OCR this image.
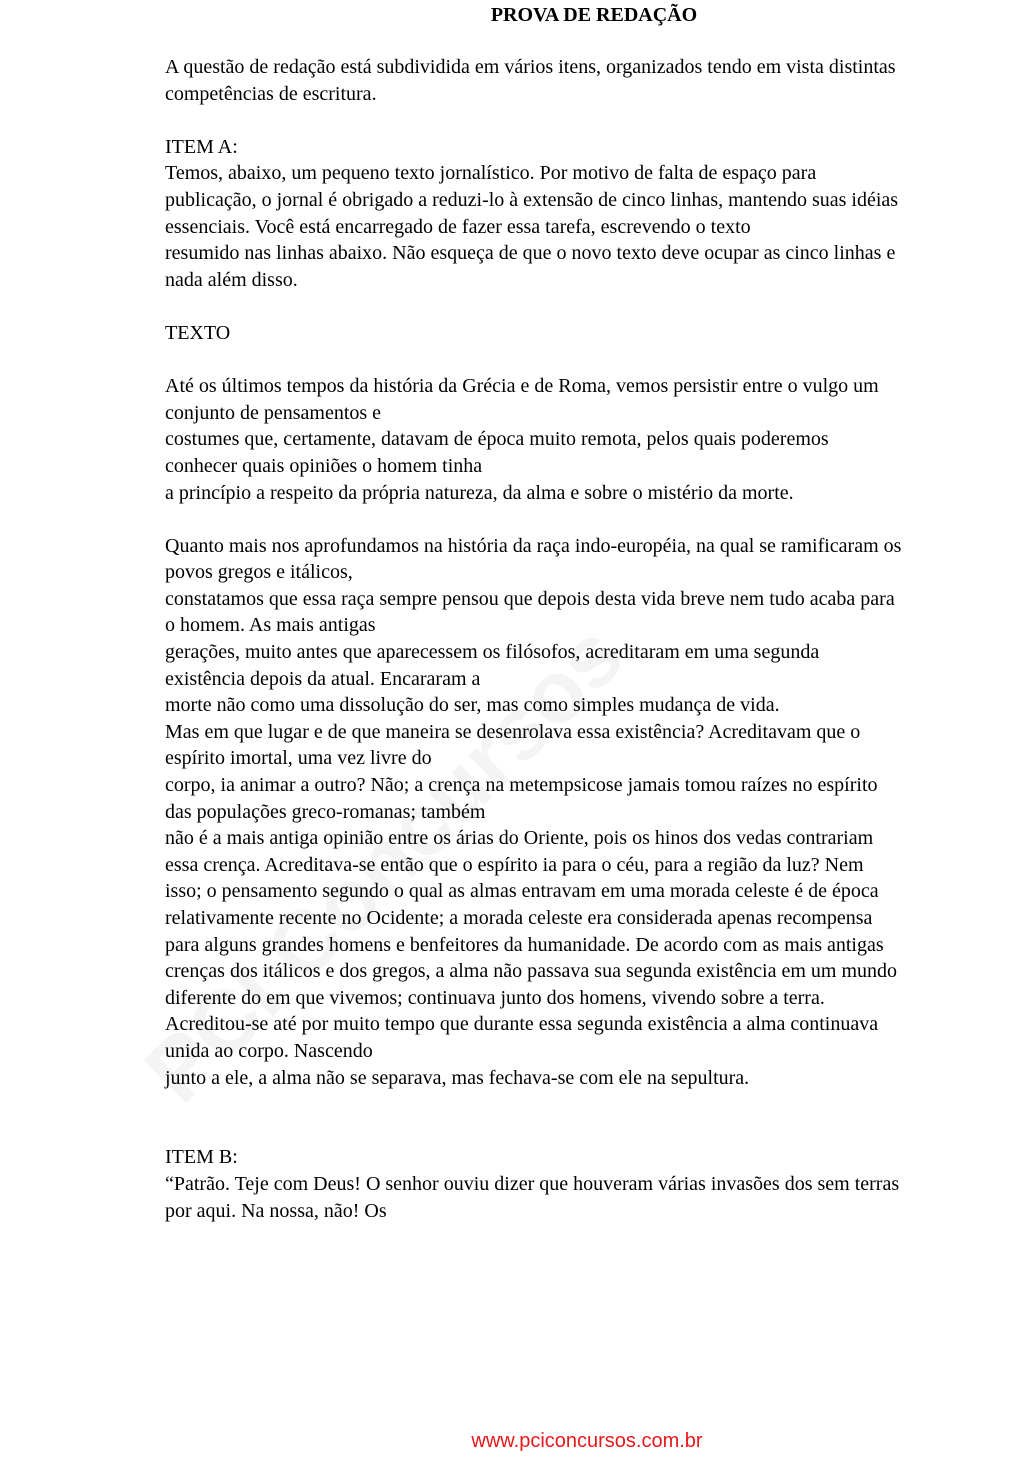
PROVA DE REDAÇÃO

A questão de redação está subdividida em vários itens, organizados tendo em vista distintas

competências de escritura.

ITEM A:

Temos, abaixo, um pequeno texto jornalístico. Por motivo de falta de espaço para

publicação, o jornal é obrigado a reduzi-lo à extensão de cinco linhas, mantendo suas idéias

essenciais. Você está encarregado de fazer essa tarefa, escrevendo o texto

resumido nas linhas abaixo. Não esqueça de que o novo texto deve ocupar as cinco linhas e

nada além disso.

TEXTO

Até os últimos tempos da história da Grécia e de Roma, vemos persistir entre o vulgo um

conjunto de pensamentos e

costumes que, certamente, datavam de época muito remota, pelos quais poderemos

conhecer quais opiniões o homem tinha

a princípio a respeito da própria natureza, da alma e sobre o mistério da morte.

Quanto mais nos aprofundamos na história da raça indo-européia, na qual se ramificaram os

povos gregos e itálicos,

constatamos que essa raça sempre pensou que depois desta vida breve nem tudo acaba para

o homem. As mais antigas

gerações, muito antes que aparecessem os filósofos, acreditaram em uma segunda

existência depois da atual. Encararam a

morte não como uma dissolução do ser, mas como simples mudança de vida.

Mas em que lugar e de que maneira se desenrolava essa existência? Acreditavam que o

espírito imortal, uma vez livre do

corpo, ia animar a outro? Não; a crença na metempsicose jamais tomou raízes no espírito

das populações greco-romanas; também

não é a mais antiga opinião entre os árias do Oriente, pois os hinos dos vedas contrariam

essa crença. Acreditava-se então que o espírito ia para o céu, para a região da luz? Nem

isso; o pensamento segundo o qual as almas entravam em uma morada celeste é de época

relativamente recente no Ocidente; a morada celeste era considerada apenas recompensa

para alguns grandes homens e benfeitores da humanidade. De acordo com as mais antigas

crenças dos itálicos e dos gregos, a alma não passava sua segunda existência em um mundo

diferente do em que vivemos; continuava junto dos homens, vivendo sobre a terra.

Acreditou-se até por muito tempo que durante essa segunda existência a alma continuava

unida ao corpo. Nascendo

junto a ele, a alma não se separava, mas fechava-se com ele na sepultura.

ITEM B:

“Patrão. Teje com Deus! O senhor ouviu dizer que houveram várias invasões dos sem terras

por aqui. Na nossa, não! Os

www.pciconcursos.com.br
